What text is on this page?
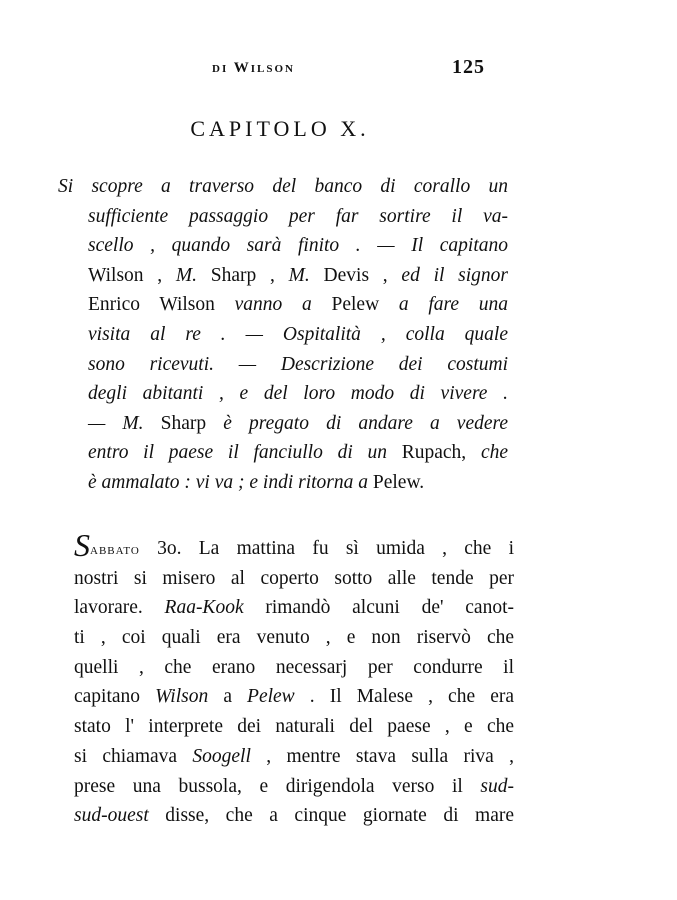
di Wilson	125
CAPITOLO X.
Si scopre a traverso del banco di corallo un
sufficiente passaggio per far sortire il va-
scello , quando sarà finito . — Il capitano
Wilson , M. Sharp , M. Devis , ed il signor
Enrico Wilson vanno a Pelew a fare una
visita al re . — Ospitalità , colla quale
sono ricevuti. — Descrizione dei costumi
degli abitanti , e del loro modo di vivere .
— M. Sharp è pregato di andare a vedere
entro il paese il fanciullo di un Rupach, che
è ammalato : vi va ; e indi ritorna a Pelew.
Sabbato 3o. La mattina fu sì umida , che i
nostri si misero al coperto sotto alle tende per
lavorare. Raa-Kook rimandò alcuni de' canot-
ti , coi quali era venuto , e non riservò che
quelli , che erano necessarj per condurre il
capitano Wilson a Pelew . Il Malese , che era
stato l' interprete dei naturali del paese , e che
si chiamava Soogell , mentre stava sulla riva ,
prese una bussola, e dirigendola verso il sud-
sud-ouest disse, che a cinque giornate di mare
